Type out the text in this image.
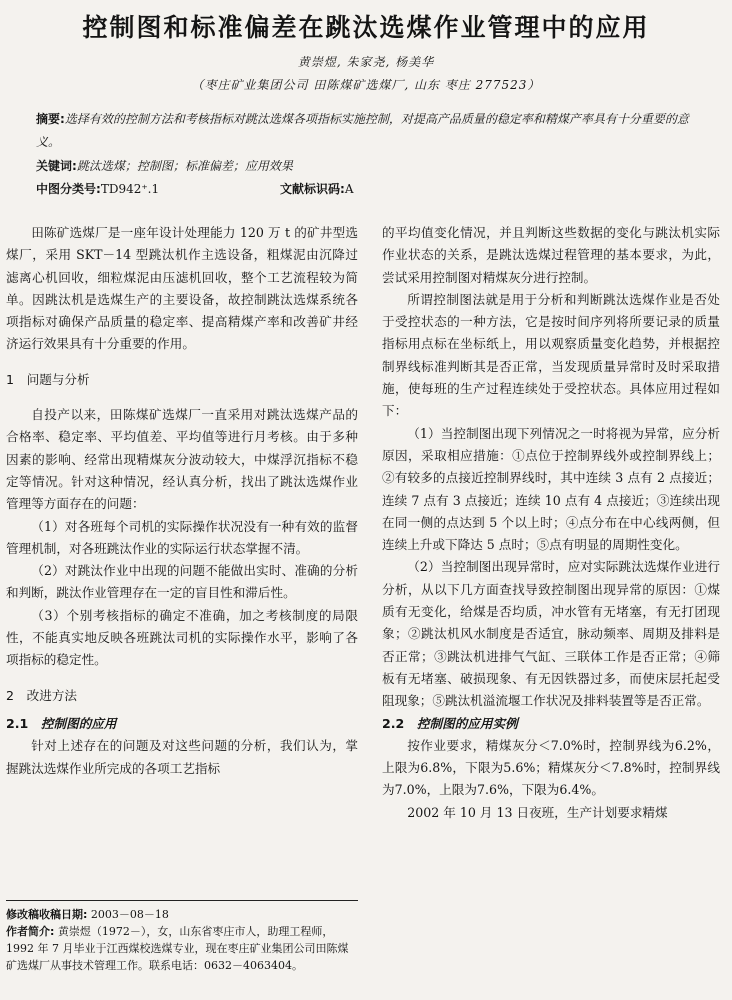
控制图和标准偏差在跳汰选煤作业管理中的应用
黄崇煜, 朱家尧, 杨美华
（枣庄矿业集团公司 田陈煤矿选煤厂, 山东 枣庄 277523）
摘要:选择有效的控制方法和考核指标对跳汰选煤各项指标实施控制，对提高产品质量的稳定率和精煤产率具有十分重要的意义。
关键词:跳汰选煤；控制图；标准偏差；应用效果
中图分类号:TD942⁺.1	文献标识码:A

田陈矿选煤厂是一座年设计处理能力 120 万 t 的矿井型选煤厂，采用 SKT－14 型跳汰机作主选设备，粗煤泥由沉降过滤离心机回收，细粒煤泥由压滤机回收，整个工艺流程较为简单。因跳汰机是选煤生产的主要设备，故控制跳汰选煤系统各项指标对确保产品质量的稳定率、提高精煤产率和改善矿井经济运行效果具有十分重要的作用。

1　问题与分析

自投产以来，田陈煤矿选煤厂一直采用对跳汰选煤产品的合格率、稳定率、平均值差、平均值等进行月考核。由于多种因素的影响、经常出现精煤灰分波动较大，中煤浮沉指标不稳定等情况。针对这种情况，经认真分析，找出了跳汰选煤作业管理等方面存在的问题：

（1）对各班每个司机的实际操作状况没有一种有效的监督管理机制，对各班跳汰作业的实际运行状态掌握不清。

（2）对跳汰作业中出现的问题不能做出实时、准确的分析和判断，跳汰作业管理存在一定的盲目性和滞后性。

（3）个别考核指标的确定不准确，加之考核制度的局限性，不能真实地反映各班跳汰司机的实际操作水平，影响了各项指标的稳定性。

2　改进方法
2.1　 控制图的应用

针对上述存在的问题及对这些问题的分析，我们认为，掌握跳汰选煤作业所完成的各项工艺指标

的平均值变化情况，并且判断这些数据的变化与跳汰机实际作业状态的关系，是跳汰选煤过程管理的基本要求，为此，尝试采用控制图对精煤灰分进行控制。

所谓控制图法就是用于分析和判断跳汰选煤作业是否处于受控状态的一种方法，它是按时间序列将所要记录的质量指标用点标在坐标纸上，用以观察质量变化趋势，并根据控制界线标准判断其是否正常，当发现质量异常时及时采取措施，使每班的生产过程连续处于受控状态。具体应用过程如下：

（1）当控制图出现下列情况之一时将视为异常，应分析原因，采取相应措施：①点位于控制界线外或控制界线上；②有较多的点接近控制界线时，其中连续 3 点有 2 点接近；连续 7 点有 3 点接近；连续 10 点有 4 点接近；③连续出现在同一侧的点达到 5 个以上时；④点分布在中心线两侧，但连续上升或下降达 5 点时；⑤点有明显的周期性变化。

（2）当控制图出现异常时，应对实际跳汰选煤作业进行分析，从以下几方面查找导致控制图出现异常的原因：①煤质有无变化，给煤是否均质，冲水管有无堵塞，有无打团现象；②跳汰机风水制度是否适宜，脉动频率、周期及排料是否正常；③跳汰机进排气气缸、三联体工作是否正常；④筛板有无堵塞、破损现象、有无因铁器过多，而使床层托起受阻现象；⑤跳汰机溢流堰工作状况及排料装置等是否正常。

2.2　 控制图的应用实例

按作业要求，精煤灰分＜7.0%时，控制界线为6.2%，上限为6.8%，下限为5.6%；精煤灰分＜7.8%时，控制界线为7.0%，上限为7.6%，下限为6.4%。

2002 年 10 月 13 日夜班，生产计划要求精煤

修改稿收稿日期: 2003－08－18

作者简介: 黄崇煜（1972－），女，山东省枣庄市人，助理工程师，1992 年 7 月毕业于江西煤校选煤专业，现在枣庄矿业集团公司田陈煤矿选煤厂从事技术管理工作。联系电话：0632－4063404。
